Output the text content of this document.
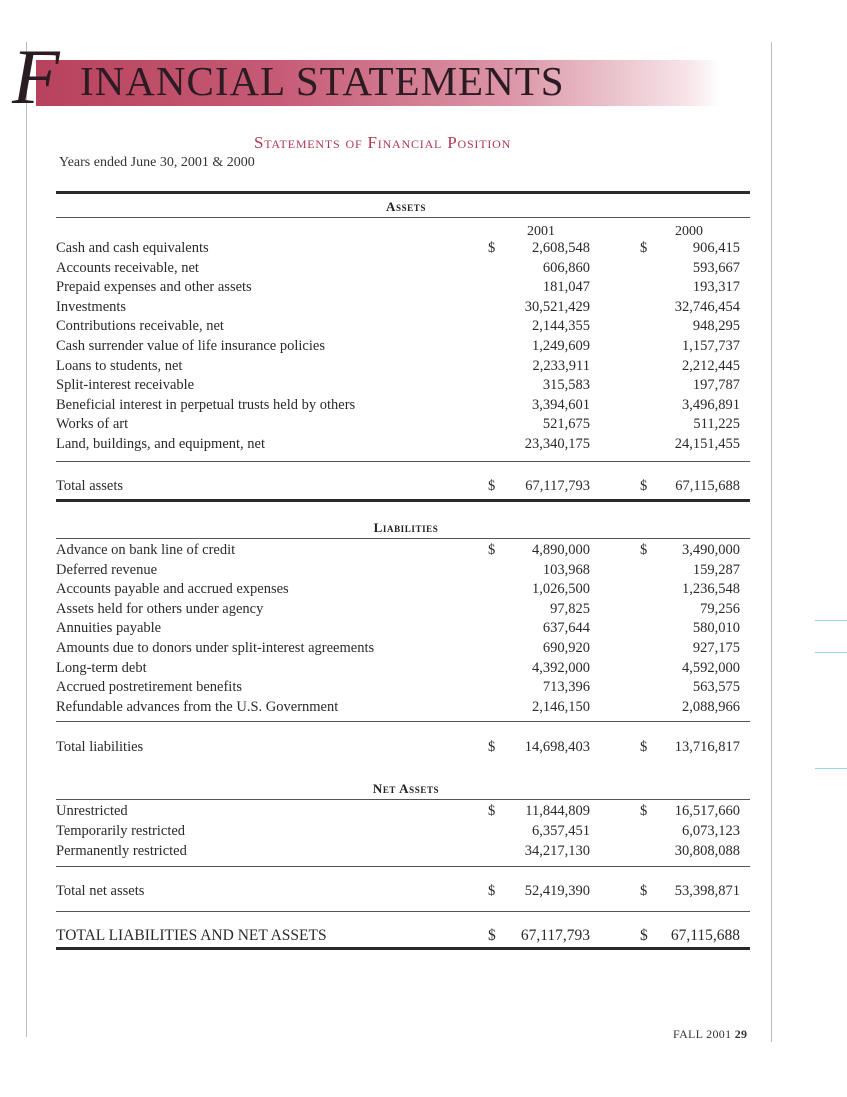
F INANCIAL STATEMENTS
Statements of Financial Position
Years ended June 30, 2001 & 2000
Assets
2001	2000
Cash and cash equivalents	$	2,608,548	$	906,415
Accounts receivable, net	606,860	593,667
Prepaid expenses and other assets	181,047	193,317
Investments	30,521,429	32,746,454
Contributions receivable, net	2,144,355	948,295
Cash surrender value of life insurance policies	1,249,609	1,157,737
Loans to students, net	2,233,911	2,212,445
Split-interest receivable	315,583	197,787
Beneficial interest in perpetual trusts held by others	3,394,601	3,496,891
Works of art	521,675	511,225
Land, buildings, and equipment, net	23,340,175	24,151,455
Total assets	$ 67,117,793	$ 67,115,688
Liabilities
Advance on bank line of credit	$	4,890,000	$ 3,490,000
Deferred revenue	103,968	159,287
Accounts payable and accrued expenses	1,026,500	1,236,548
Assets held for others under agency	97,825	79,256
Annuities payable	637,644	580,010
Amounts due to donors under split-interest agreements	690,920	927,175
Long-term debt	4,392,000	4,592,000
Accrued postretirement benefits	713,396	563,575
Refundable advances from the U.S. Government	2,146,150	2,088,966
Total liabilities	$ 14,698,403	$ 13,716,817
Net Assets
Unrestricted	$ 11,844,809	$ 16,517,660
Temporarily restricted	6,357,451	6,073,123
Permanently restricted	34,217,130	30,808,088
Total net assets	$ 52,419,390	$ 53,398,871
TOTAL LIABILITIES AND NET ASSETS	$ 67,117,793	$ 67,115,688
FALL 2001 29
